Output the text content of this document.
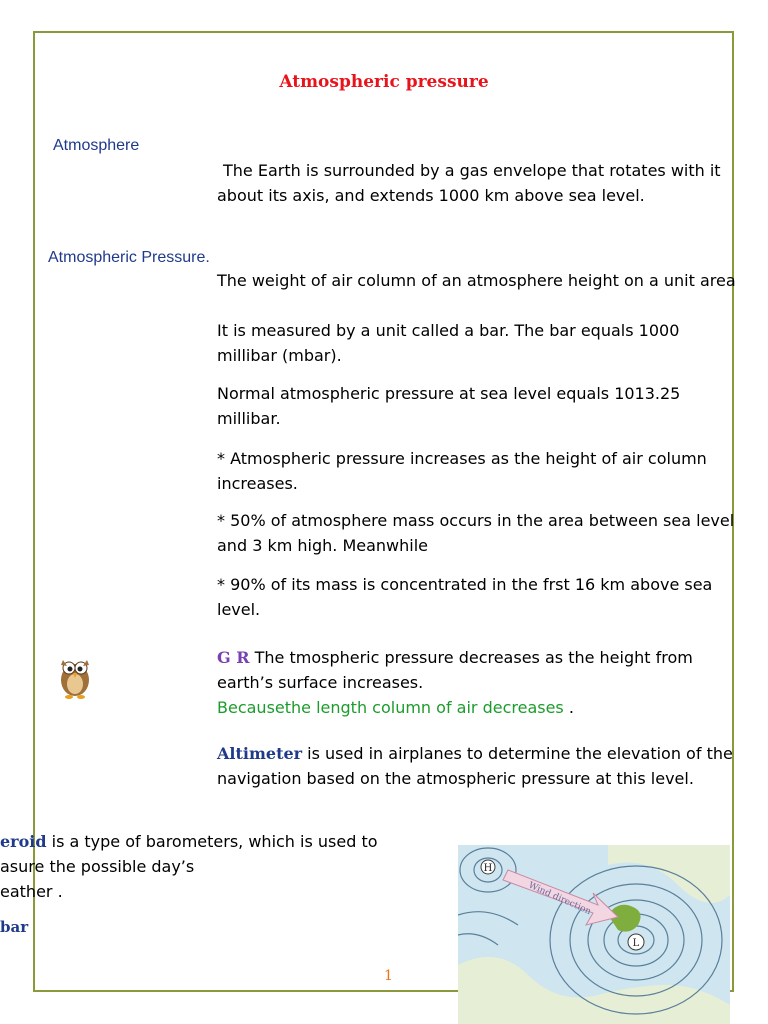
Atmospheric pressure
Atmosphere
The Earth is surrounded by a gas envelope that rotates with it about its axis, and extends 1000 km above sea level.
Atmospheric Pressure.
The weight of air column of an atmosphere height on a unit area
It is measured by a unit called a bar. The bar equals 1000 millibar (mbar).
Normal atmospheric pressure at sea level equals 1013.25 millibar.
* Atmospheric pressure increases as the height of air column increases.
* 50% of atmosphere mass occurs in the area between sea level and 3 km high. Meanwhile
* 90% of its mass is concentrated in the frst 16 km above sea level.
G R The tmospheric pressure decreases as the height from earth’s surface increases.
Becausethe length column of air decreases .
Altimeter is used in airplanes to determine the elevation of the navigation based on the atmospheric pressure at this level.
eroid is a type of barometers, which is used to
asure the possible day’s
eather .
bar
1
H
L
Wind direction
